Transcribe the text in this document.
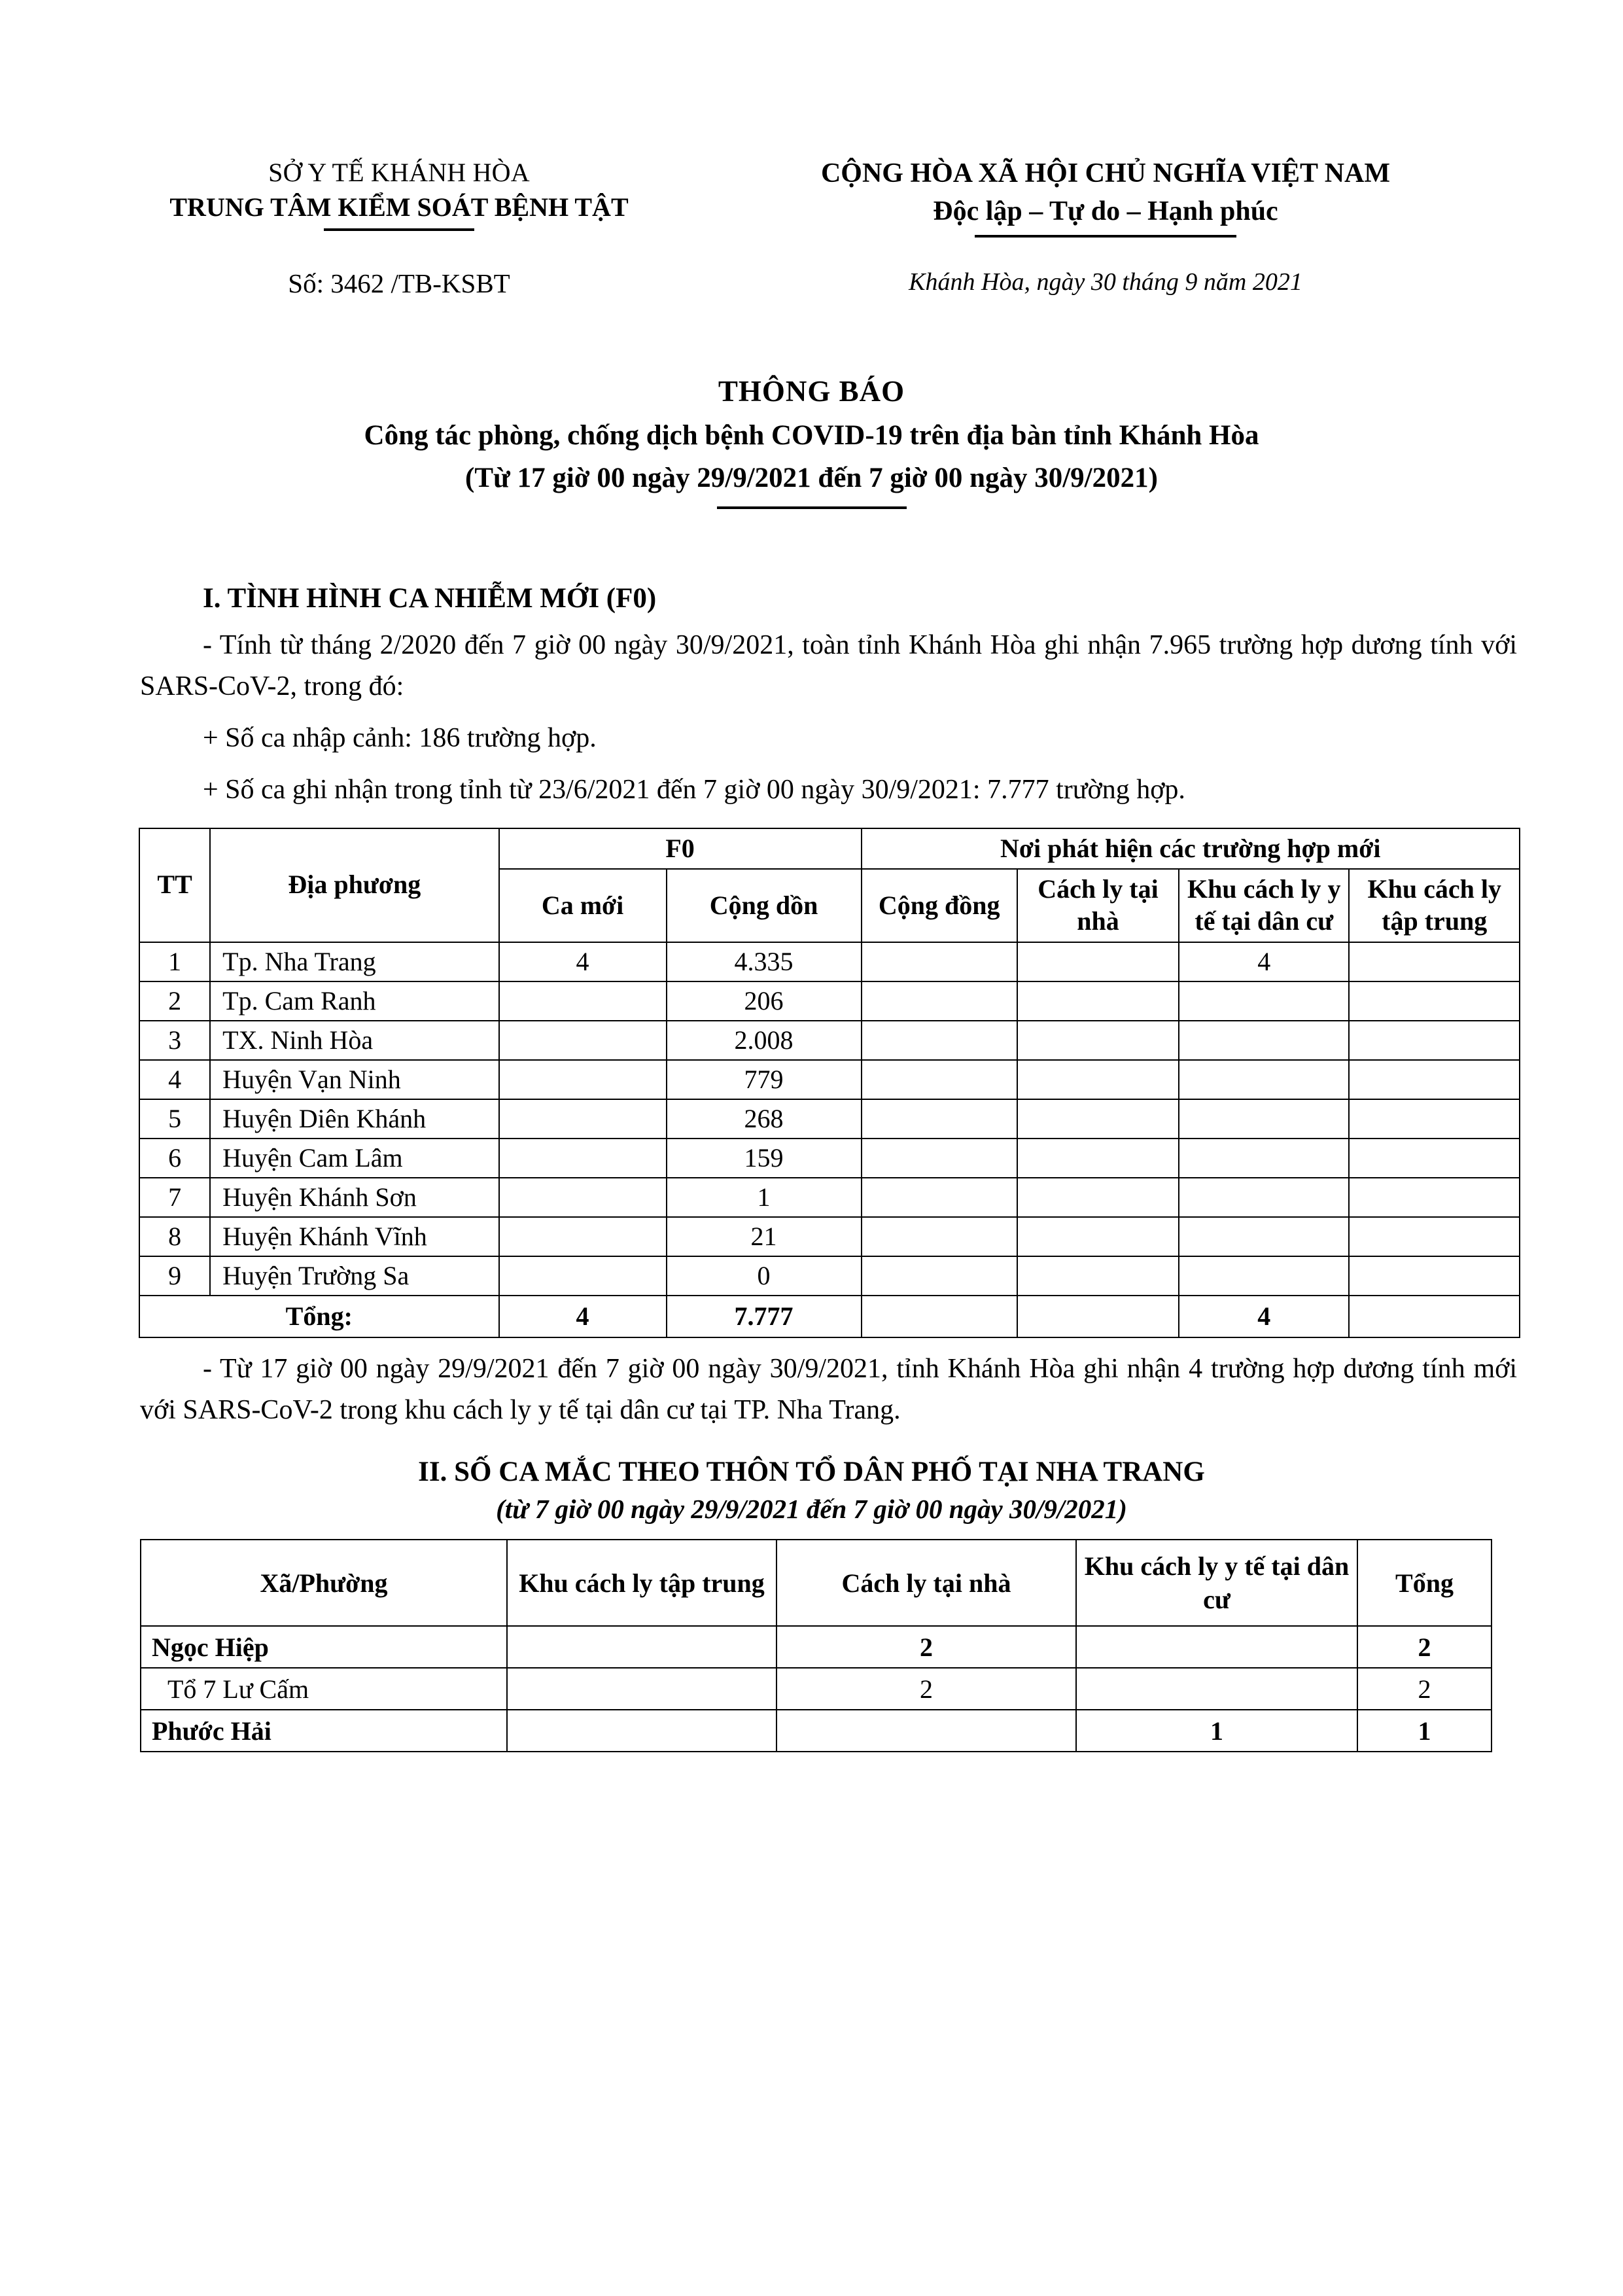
SỞ Y TẾ KHÁNH HÒA
TRUNG TÂM KIỂM SOÁT BỆNH TẬT
CỘNG HÒA XÃ HỘI CHỦ NGHĨA VIỆT NAM
Độc lập – Tự do – Hạnh phúc
Số: 3462 /TB-KSBT	Khánh Hòa, ngày 30 tháng 9 năm 2021
THÔNG BÁO
Công tác phòng, chống dịch bệnh COVID-19 trên địa bàn tỉnh Khánh Hòa
(Từ 17 giờ 00 ngày 29/9/2021 đến 7 giờ 00 ngày 30/9/2021)
I. TÌNH HÌNH CA NHIỄM MỚI (F0)
- Tính từ tháng 2/2020 đến 7 giờ 00 ngày 30/9/2021, toàn tỉnh Khánh Hòa ghi nhận 7.965 trường hợp dương tính với SARS-CoV-2, trong đó:
+ Số ca nhập cảnh: 186 trường hợp.
+ Số ca ghi nhận trong tỉnh từ 23/6/2021 đến 7 giờ 00 ngày 30/9/2021: 7.777 trường hợp.
TT	Địa phương	F0		Nơi phát hiện các trường hợp mới			
		Ca mới	Cộng dồn	Cộng đồng	Cách ly tại nhà	Khu cách ly y tế tại dân cư	Khu cách ly tập trung
1	Tp. Nha Trang	4	4.335			4	
2	Tp. Cam Ranh		206				
3	TX. Ninh Hòa		2.008				
4	Huyện Vạn Ninh		779				
5	Huyện Diên Khánh		268				
6	Huyện Cam Lâm		159				
7	Huyện Khánh Sơn		1				
8	Huyện Khánh Vĩnh		21				
9	Huyện Trường Sa		0				
Tổng:		4	7.777			4	
- Từ 17 giờ 00 ngày 29/9/2021 đến 7 giờ 00 ngày 30/9/2021, tỉnh Khánh Hòa ghi nhận 4 trường hợp dương tính mới với SARS-CoV-2 trong khu cách ly y tế tại dân cư tại TP. Nha Trang.
II. SỐ CA MẮC THEO THÔN TỔ DÂN PHỐ TẠI NHA TRANG
(từ 7 giờ 00 ngày 29/9/2021 đến 7 giờ 00 ngày 30/9/2021)
Xã/Phường	Khu cách ly tập trung	Cách ly tại nhà	Khu cách ly y tế tại dân cư	Tổng
Ngọc Hiệp		2		2
Tổ 7 Lư Cấm		2		2
Phước Hải			1	1
